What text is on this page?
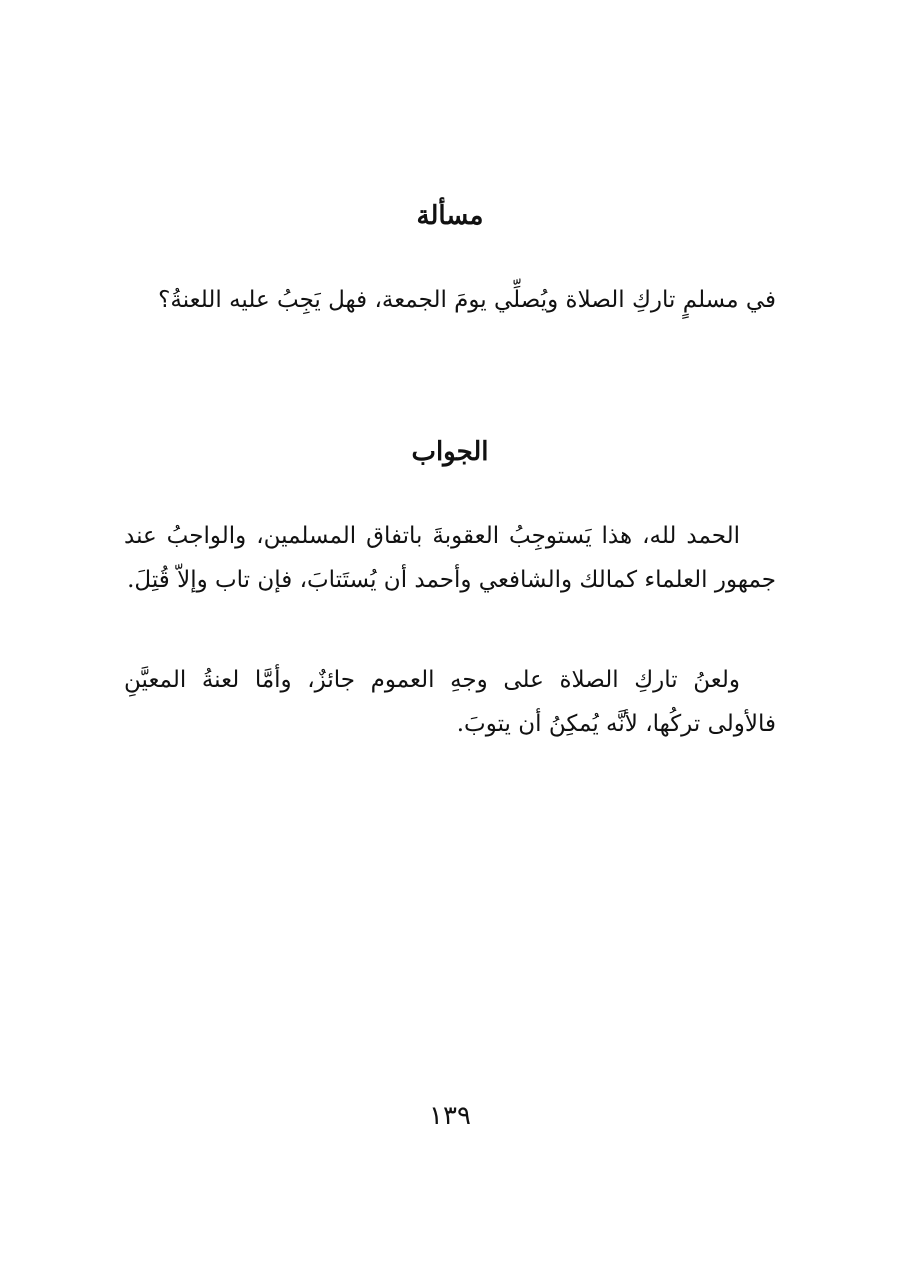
مسألة

في مسلمٍ تاركِ الصلاة ويُصلِّي يومَ الجمعة، فهل يَجِبُ عليه اللعنةُ؟

الجواب

الحمد لله، هذا يَستوجِبُ العقوبةَ باتفاق المسلمين، والواجبُ عند جمهور العلماء كمالك والشافعي وأحمد أن يُستَتابَ، فإن تاب وإلاّ قُتِلَ.

ولعنُ تاركِ الصلاة على وجهِ العموم جائزٌ، وأمَّا لعنةُ المعيَّنِ فالأولى تركُها، لأنَّه يُمكِنُ أن يتوبَ.

١٣٩
